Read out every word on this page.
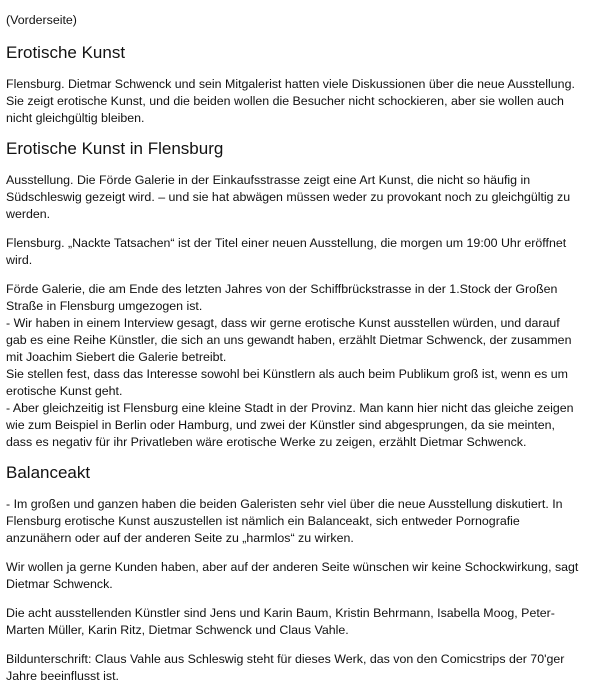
(Vorderseite)
Erotische Kunst

Flensburg. Dietmar Schwenck und sein Mitgalerist hatten viele Diskussionen über die neue Ausstellung.
Sie zeigt erotische Kunst, und die beiden wollen die Besucher nicht schockieren, aber sie wollen auch
nicht gleichgültig bleiben.

Erotische Kunst in Flensburg

Ausstellung. Die Förde Galerie in der Einkaufsstrasse zeigt eine Art Kunst, die nicht so häufig in
Südschleswig gezeigt wird. – und sie hat abwägen müssen weder zu provokant noch zu gleichgültig zu
werden.

Flensburg. „Nackte Tatsachen“ ist der Titel einer neuen Ausstellung, die morgen um 19:00 Uhr eröffnet
wird.

Förde Galerie, die am Ende des letzten Jahres von der Schiffbrückstrasse in der 1.Stock der Großen
Straße in Flensburg umgezogen ist.
- Wir haben in einem Interview gesagt, dass wir gerne erotische Kunst ausstellen würden, und darauf
gab es eine Reihe Künstler, die sich an uns gewandt haben, erzählt Dietmar Schwenck, der zusammen
mit Joachim Siebert die Galerie betreibt.
Sie stellen fest, dass das Interesse sowohl bei Künstlern als auch beim Publikum groß ist, wenn es um
erotische Kunst geht.
- Aber gleichzeitig ist Flensburg eine kleine Stadt in der Provinz. Man kann hier nicht das gleiche zeigen
wie zum Beispiel in Berlin oder Hamburg, und zwei der Künstler sind abgesprungen, da sie meinten,
dass es negativ für ihr Privatleben wäre erotische Werke zu zeigen, erzählt Dietmar Schwenck.

Balanceakt

- Im großen und ganzen haben die beiden Galeristen sehr viel über die neue Ausstellung diskutiert. In
Flensburg erotische Kunst auszustellen ist nämlich ein Balanceakt, sich entweder Pornografie
anzunähern oder auf der anderen Seite zu „harmlos“ zu wirken.

Wir wollen ja gerne Kunden haben, aber auf der anderen Seite wünschen wir keine Schockwirkung, sagt
Dietmar Schwenck.

Die acht ausstellenden Künstler sind Jens und Karin Baum, Kristin Behrmann, Isabella Moog, Peter-
Marten Müller, Karin Ritz, Dietmar Schwenck und Claus Vahle.

Bildunterschrift: Claus Vahle aus Schleswig steht für dieses Werk, das von den Comicstrips der 70'ger
Jahre beeinflusst ist.
